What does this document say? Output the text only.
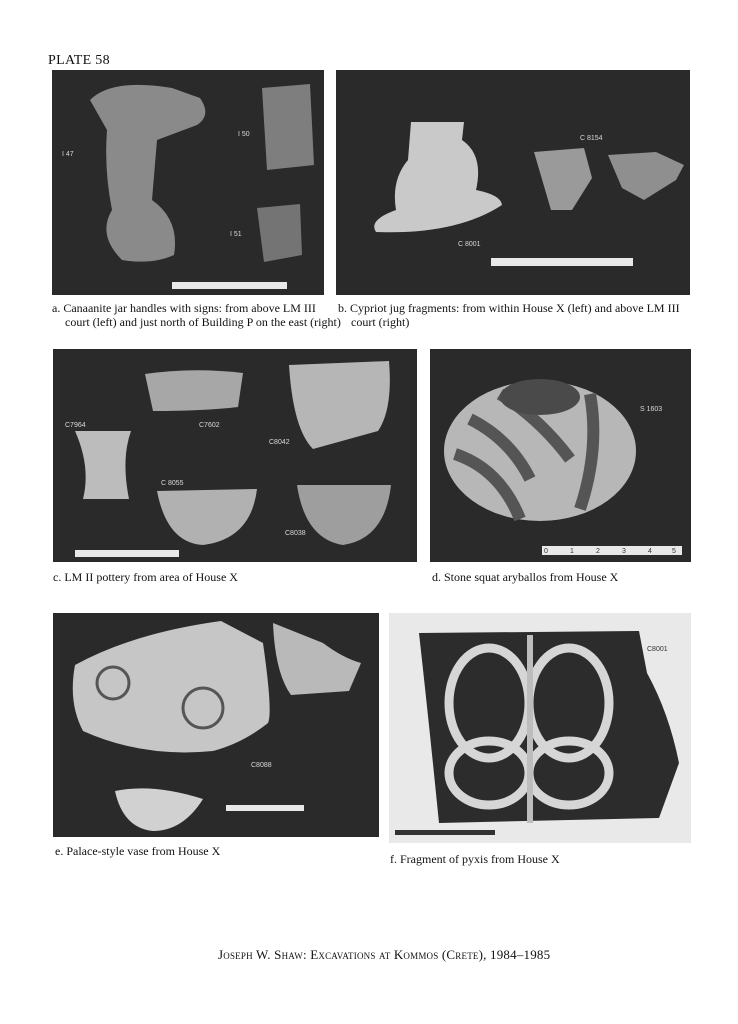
PLATE 58
I 47
I 50
I 51
a. Canaanite jar handles with signs: from above LM III court (left) and just north of Building P on the east (right)
C 8154
C 8001
b. Cypriot jug fragments: from within House X (left) and above LM III court (right)
C7964	C7602
C8042
C 8055
C8038
c. LM II pottery from area of House X
S 1603
0	1	2	3	4	5
d. Stone squat aryballos from House X
C8088
e. Palace-style vase from House X
C8001
f. Fragment of pyxis from House X
Joseph W. Shaw: Excavations at Kommos (Crete), 1984–1985
